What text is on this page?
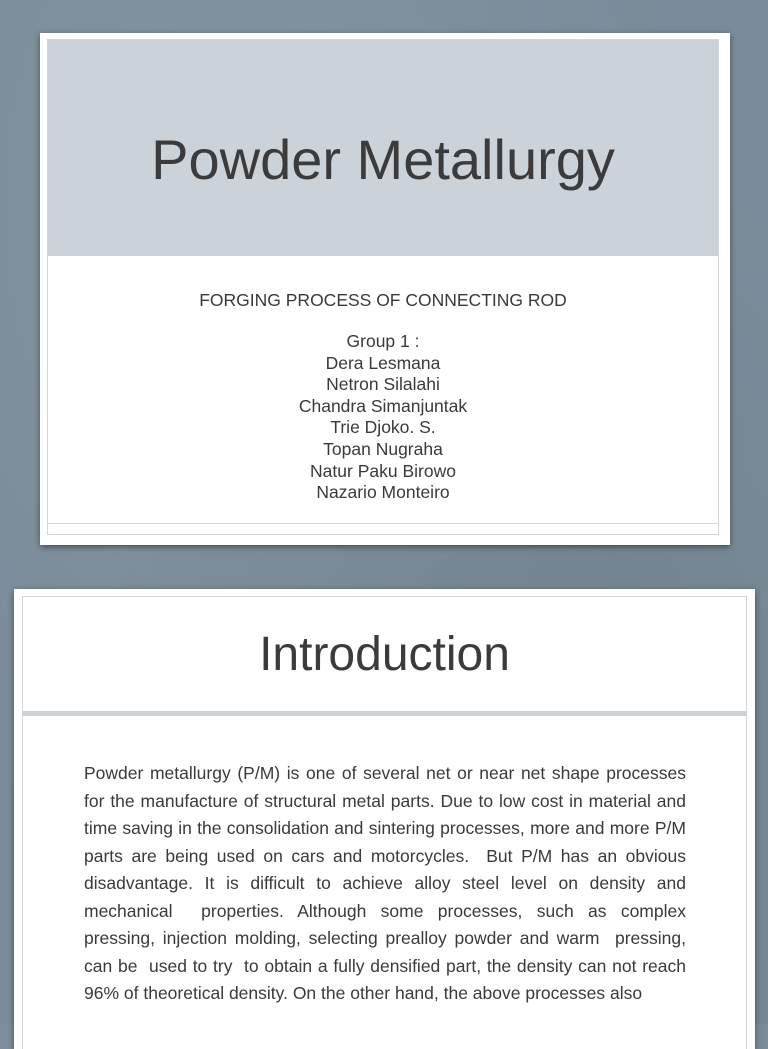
Powder Metallurgy

FORGING PROCESS OF CONNECTING ROD

Group 1 :

Dera Lesmana

Netron Silalahi

Chandra Simanjuntak

Trie Djoko. S.

Topan Nugraha

Natur Paku Birowo

Nazario Monteiro

Introduction

Powder metallurgy (P/M) is one of several net or near net shape processes for the manufacture of structural metal parts. Due to low cost in material and time saving in the consolidation and sintering processes, more and more P/M parts are being used on cars and motorcycles.  But P/M has an obvious disadvantage. It is difficult to achieve alloy steel level on density and mechanical  properties. Although some processes, such as complex pressing, injection molding, selecting prealloy powder and warm  pressing,  can be  used to try  to obtain a fully densified part, the density can not reach 96% of theoretical density. On the other hand, the above processes also
